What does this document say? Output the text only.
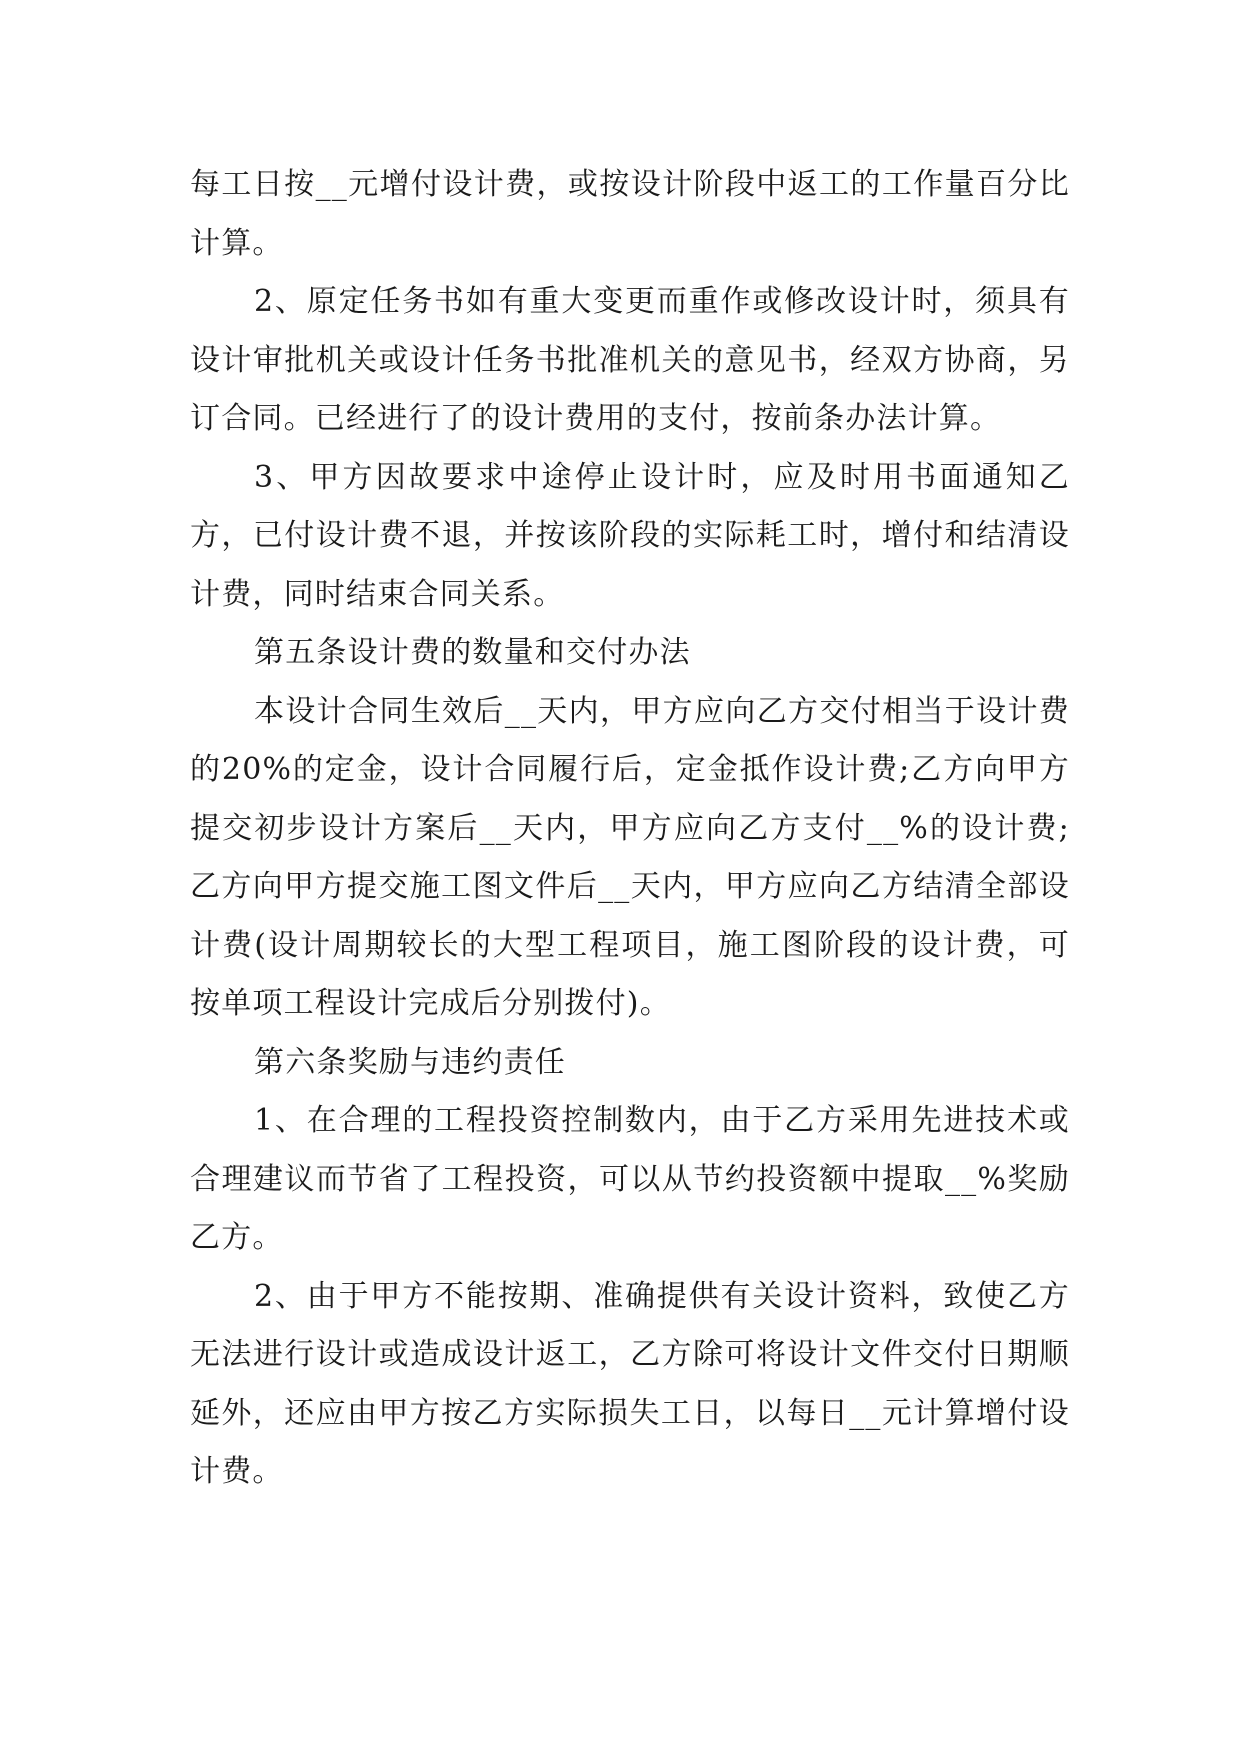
每工日按__元增付设计费，或按设计阶段中返工的工作量百分比计算。

2、原定任务书如有重大变更而重作或修改设计时，须具有设计审批机关或设计任务书批准机关的意见书，经双方协商，另订合同。已经进行了的设计费用的支付，按前条办法计算。

3、甲方因故要求中途停止设计时，应及时用书面通知乙方，已付设计费不退，并按该阶段的实际耗工时，增付和结清设计费，同时结束合同关系。

第五条设计费的数量和交付办法

本设计合同生效后__天内，甲方应向乙方交付相当于设计费的20%的定金，设计合同履行后，定金抵作设计费;乙方向甲方提交初步设计方案后__天内，甲方应向乙方支付__%的设计费;乙方向甲方提交施工图文件后__天内，甲方应向乙方结清全部设计费(设计周期较长的大型工程项目，施工图阶段的设计费，可按单项工程设计完成后分别拨付)。

第六条奖励与违约责任

1、在合理的工程投资控制数内，由于乙方采用先进技术或合理建议而节省了工程投资，可以从节约投资额中提取__%奖励乙方。

2、由于甲方不能按期、准确提供有关设计资料，致使乙方无法进行设计或造成设计返工，乙方除可将设计文件交付日期顺延外，还应由甲方按乙方实际损失工日，以每日__元计算增付设计费。
